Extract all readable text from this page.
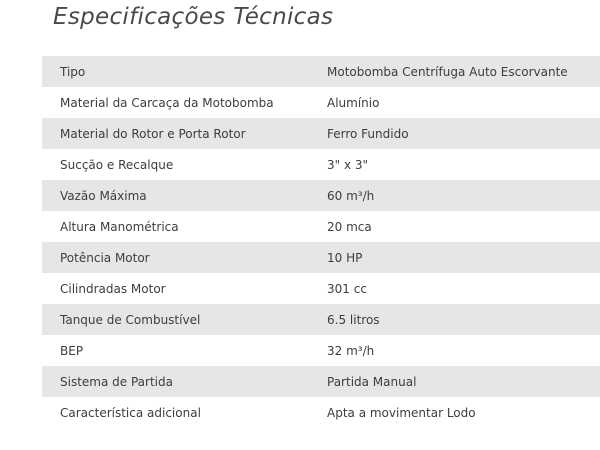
Especificações Técnicas
Tipo	Motobomba Centrífuga Auto Escorvante
Material da Carcaça da Motobomba	Alumínio
Material do Rotor e Porta Rotor	Ferro Fundido
Sucção e Recalque	3" x 3"
Vazão Máxima	60 m³/h
Altura Manométrica	20 mca
Potência Motor	10 HP
Cilindradas Motor	301 cc
Tanque de Combustível	6.5 litros
BEP	32 m³/h
Sistema de Partida	Partida Manual
Característica adicional	Apta a movimentar Lodo
